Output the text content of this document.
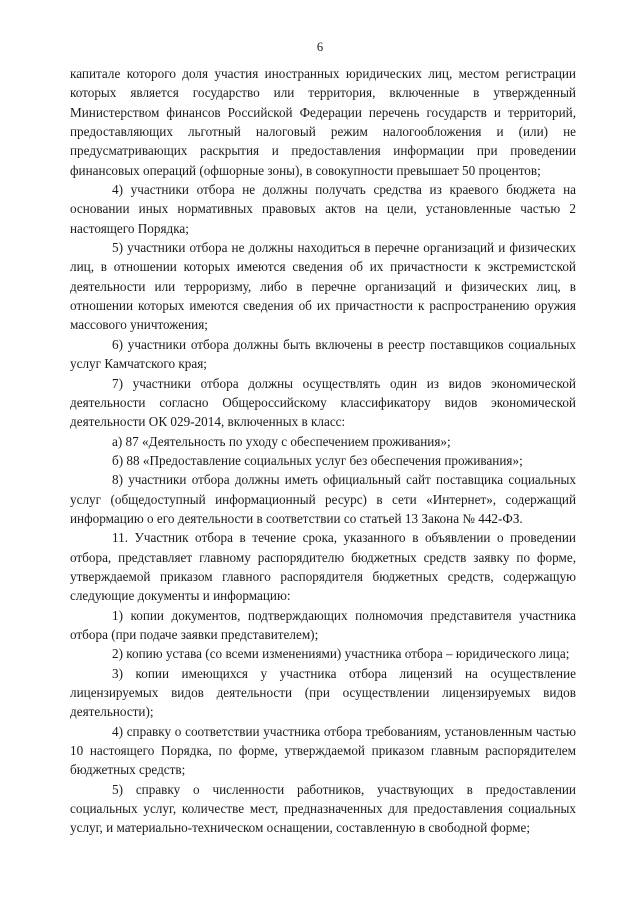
6

капитале которого доля участия иностранных юридических лиц, местом регистрации которых является государство или территория, включенные в утвержденный Министерством финансов Российской Федерации перечень государств и территорий, предоставляющих льготный налоговый режим налогообложения и (или) не предусматривающих раскрытия и предоставления информации при проведении финансовых операций (офшорные зоны), в совокупности превышает 50 процентов;

4) участники отбора не должны получать средства из краевого бюджета на основании иных нормативных правовых актов на цели, установленные частью 2 настоящего Порядка;

5) участники отбора не должны находиться в перечне организаций и физических лиц, в отношении которых имеются сведения об их причастности к экстремистской деятельности или терроризму, либо в перечне организаций и физических лиц, в отношении которых имеются сведения об их причастности к распространению оружия массового уничтожения;

6) участники отбора должны быть включены в реестр поставщиков социальных услуг Камчатского края;

7) участники отбора должны осуществлять один из видов экономической деятельности согласно Общероссийскому классификатору видов экономической деятельности ОК 029-2014, включенных в класс:

а) 87 «Деятельность по уходу с обеспечением проживания»;

б) 88 «Предоставление социальных услуг без обеспечения проживания»;

8) участники отбора должны иметь официальный сайт поставщика социальных услуг (общедоступный информационный ресурс) в сети «Интернет», содержащий информацию о его деятельности в соответствии со статьей 13 Закона № 442-ФЗ.

11. Участник отбора в течение срока, указанного в объявлении о проведении отбора, представляет главному распорядителю бюджетных средств заявку по форме, утверждаемой приказом главного распорядителя бюджетных средств, содержащую следующие документы и информацию:

1) копии документов, подтверждающих полномочия представителя участника отбора (при подаче заявки представителем);

2) копию устава (со всеми изменениями) участника отбора – юридического лица;

3) копии имеющихся у участника отбора лицензий на осуществление лицензируемых видов деятельности (при осуществлении лицензируемых видов деятельности);

4) справку о соответствии участника отбора требованиям, установленным частью 10 настоящего Порядка, по форме, утверждаемой приказом главным распорядителем бюджетных средств;

5) справку о численности работников, участвующих в предоставлении социальных услуг, количестве мест, предназначенных для предоставления социальных услуг, и материально-техническом оснащении, составленную в свободной форме;
